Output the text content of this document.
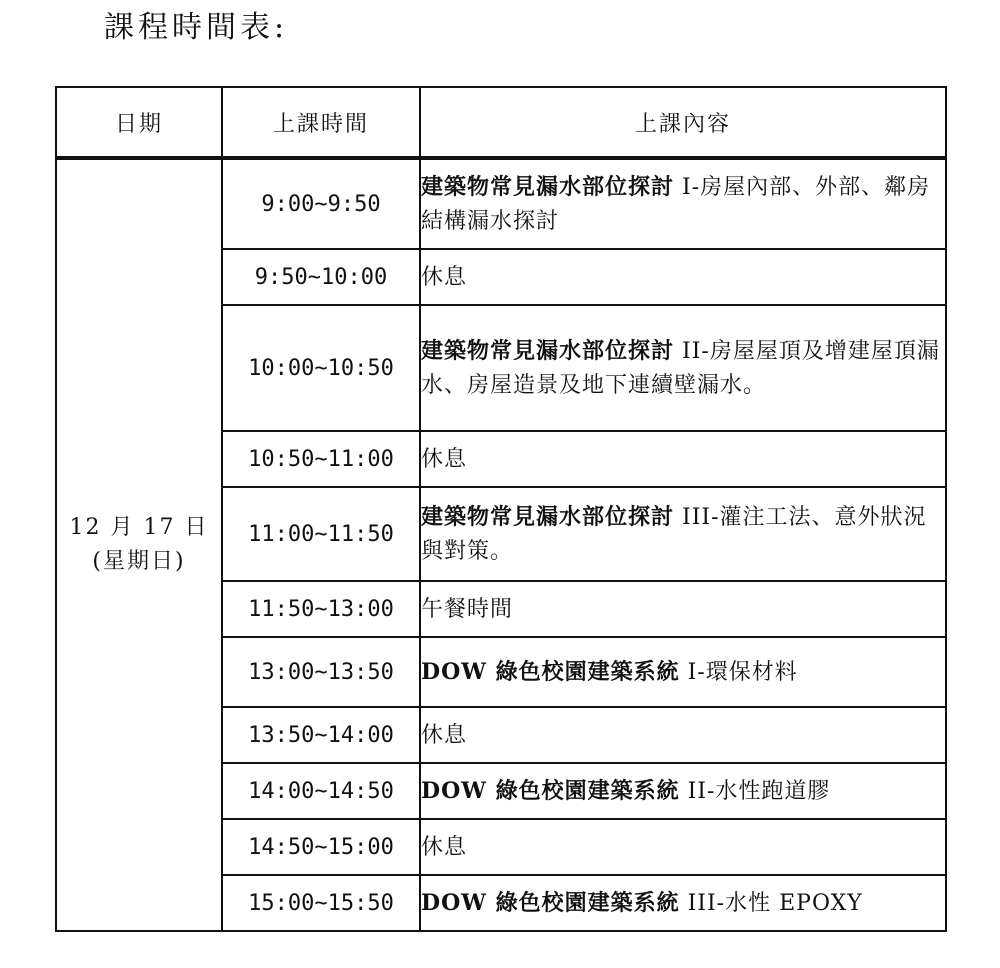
課程時間表:
日期	上課時間	上課內容

12 月 17 日
(星期日)	9:00~9:50	建築物常見漏水部位探討 I-房屋內部、外部、鄰房結構漏水探討
	9:50~10:00	休息
	10:00~10:50	建築物常見漏水部位探討 II-房屋屋頂及增建屋頂漏水、房屋造景及地下連續壁漏水。
	10:50~11:00	休息
	11:00~11:50	建築物常見漏水部位探討 III-灌注工法、意外狀況與對策。
	11:50~13:00	午餐時間
	13:00~13:50	DOW 綠色校園建築系統 I-環保材料
	13:50~14:00	休息
	14:00~14:50	DOW 綠色校園建築系統 II-水性跑道膠
	14:50~15:00	休息
	15:00~15:50	DOW 綠色校園建築系統 III-水性 EPOXY
